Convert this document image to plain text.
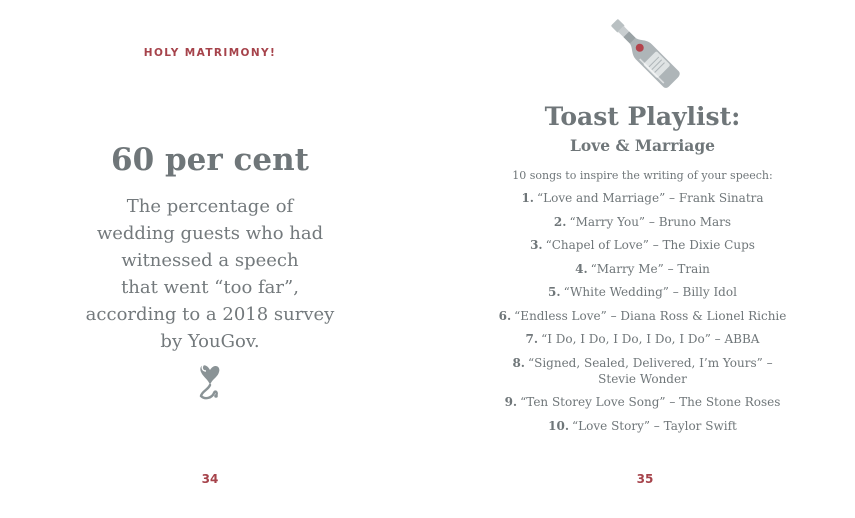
HOLY MATRIMONY!
60 per cent
The percentage of
wedding guests who had
witnessed a speech
that went “too far”,
according to a 2018 survey
by YouGov.
34
Toast Playlist:
Love & Marriage
10 songs to inspire the writing of your speech:
1. “Love and Marriage” – Frank Sinatra
2. “Marry You” – Bruno Mars
3. “Chapel of Love” – The Dixie Cups
4. “Marry Me” – Train
5. “White Wedding” – Billy Idol
6. “Endless Love” – Diana Ross & Lionel Richie
7. “I Do, I Do, I Do, I Do, I Do” – ABBA
8. “Signed, Sealed, Delivered, I’m Yours” –
Stevie Wonder
9. “Ten Storey Love Song” – The Stone Roses
10. “Love Story” – Taylor Swift
35
